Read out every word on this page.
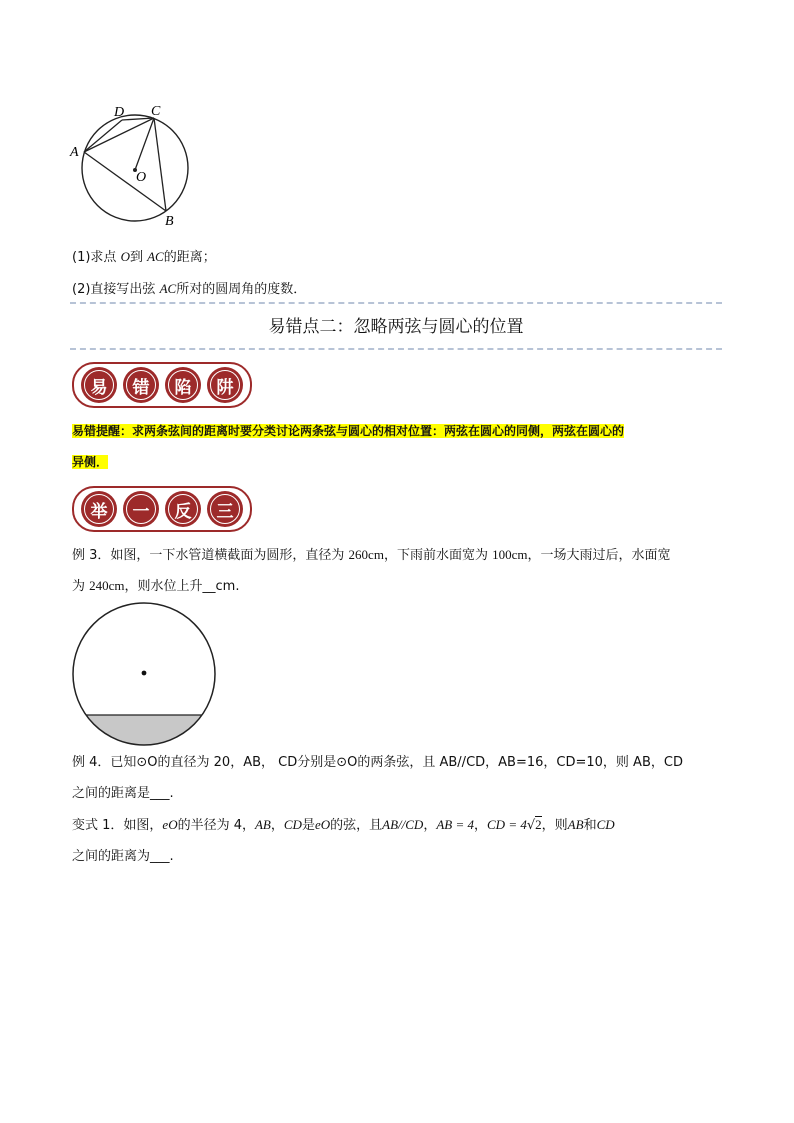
A
D C
O
B
(1)求点 O到 AC的距离；
(2)直接写出弦 AC所对的圆周角的度数．
易错点二：忽略两弦与圆心的位置
易 错 陷 阱
易错提醒：求两条弦间的距离时要分类讨论两条弦与圆心的相对位置：两弦在圆心的同侧，两弦在圆心的
异侧．
举 一 反 三
例 3．如图，一下水管道横截面为圆形，直径为 260cm，下雨前水面宽为 100cm，一场大雨过后，水面宽
为 240cm，则水位上升__cm.
例 4．已知⊙O的直径为 20，AB， CD分别是⊙O的两条弦，且 AB//CD，AB=16，CD=10，则 AB，CD
之间的距离是___.
变式 1．如图，eO的半径为 4，AB，CD是eO的弦，且AB//CD，AB = 4，CD = 4√2，则AB和CD
之间的距离为___.
